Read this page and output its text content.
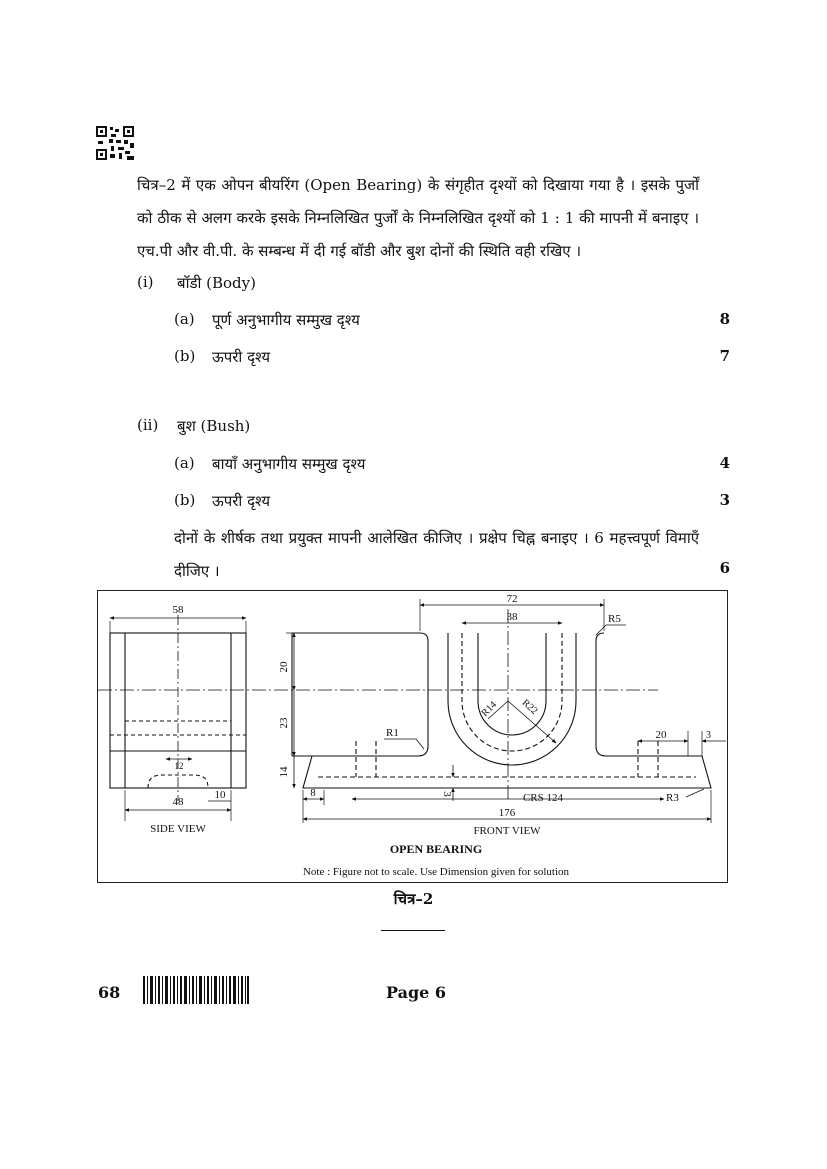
चित्र–2 में एक ओपन बीयरिंग (Open Bearing) के संगृहीत दृश्यों को दिखाया गया है । इसके पुर्जों को ठीक से अलग करके इसके निम्नलिखित पुर्जों के निम्नलिखित दृश्यों को 1 : 1 की मापनी में बनाइए । एच.पी और वी.पी. के सम्बन्ध में दी गई बॉडी और बुश दोनों की स्थिति वही रखिए ।
(i) बॉडी (Body)
(a) पूर्ण अनुभागीय सम्मुख दृश्य	8
(b) ऊपरी दृश्य	7
(ii) बुश (Bush)
(a) बायाँ अनुभागीय सम्मुख दृश्य	4
(b) ऊपरी दृश्य	3
दोनों के शीर्षक तथा प्रयुक्त मापनी आलेखित कीजिए । प्रक्षेप चिह्न बनाइए । 6 महत्त्वपूर्ण विमाएँ दीजिए ।	6
58
48
10
12
72
38	R5
20
23
14
R14 R22
R1	20	3
8	3	CRS 124	R3
176
SIDE VIEW	FRONT VIEW
OPEN BEARING
Note : Figure not to scale. Use Dimension given for solution
चित्र–2
68	Page 6
